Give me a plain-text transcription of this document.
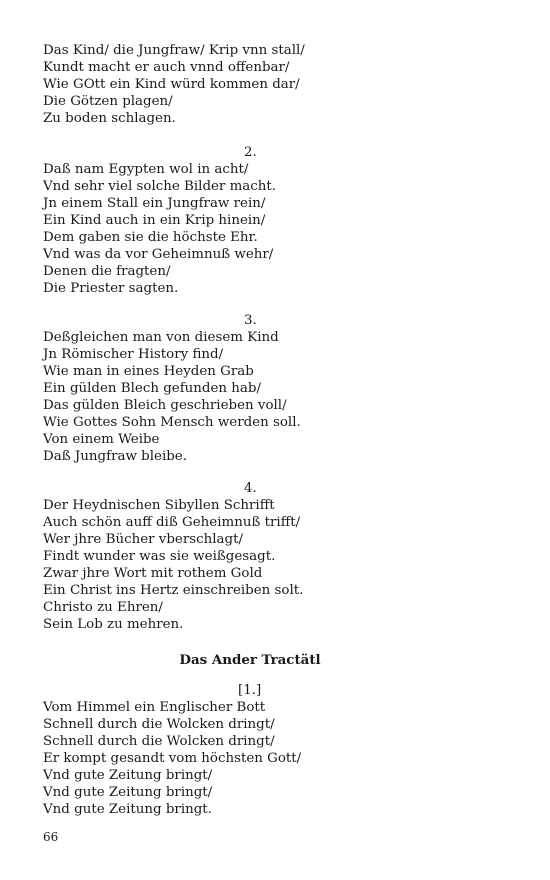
Das Kind/ die Jungfraw/ Krip vnn stall/
Kundt macht er auch vnnd offenbar/
Wie GOtt ein Kind würd kommen dar/
Die Götzen plagen/
Zu boden schlagen.
2.
Daß nam Egypten wol in acht/
Vnd sehr viel solche Bilder macht.
Jn einem Stall ein Jungfraw rein/
Ein Kind auch in ein Krip hinein/
Dem gaben sie die höchste Ehr.
Vnd was da vor Geheimnuß wehr/
Denen die fragten/
Die Priester sagten.
3.
Deßgleichen man von diesem Kind
Jn Römischer History find/
Wie man in eines Heyden Grab
Ein gülden Blech gefunden hab/
Das gülden Bleich geschrieben voll/
Wie Gottes Sohn Mensch werden soll.
Von einem Weibe
Daß Jungfraw bleibe.
4.
Der Heydnischen Sibyllen Schrifft
Auch schön auff diß Geheimnuß trifft/
Wer jhre Bücher vberschlagt/
Findt wunder was sie weißgesagt.
Zwar jhre Wort mit rothem Gold
Ein Christ ins Hertz einschreiben solt.
Christo zu Ehren/
Sein Lob zu mehren.
Das Ander Tractätl
[1.]
Vom Himmel ein Englischer Bott
Schnell durch die Wolcken dringt/
Schnell durch die Wolcken dringt/
Er kompt gesandt vom höchsten Gott/
Vnd gute Zeitung bringt/
Vnd gute Zeitung bringt/
Vnd gute Zeitung bringt.
66
